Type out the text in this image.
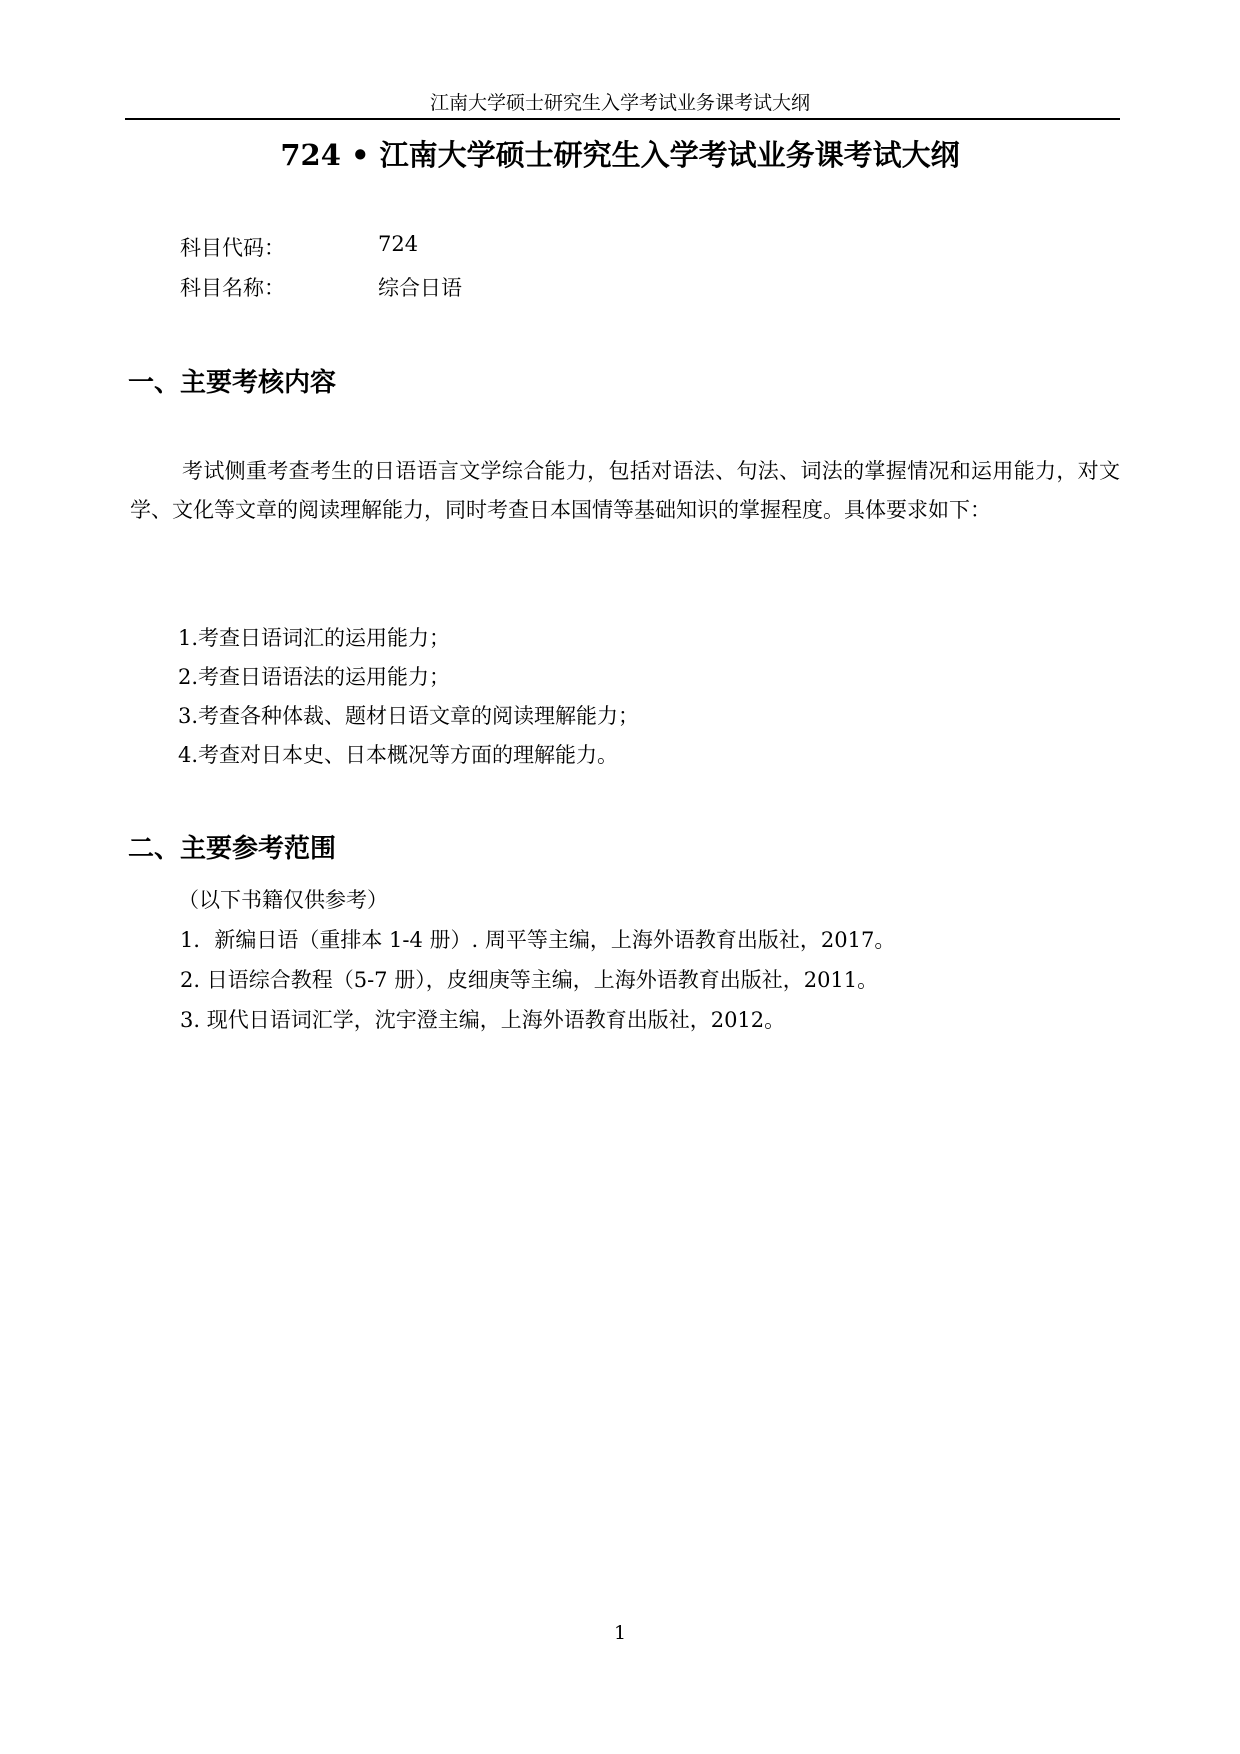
江南大学硕士研究生入学考试业务课考试大纲
724 • 江南大学硕士研究生入学考试业务课考试大纲
科目代码：	724
科目名称：	综合日语
一、主要考核内容
考试侧重考查考生的日语语言文学综合能力，包括对语法、句法、词法的掌握情况和运用能力，对文学、文化等文章的阅读理解能力，同时考查日本国情等基础知识的掌握程度。具体要求如下：
1.考查日语词汇的运用能力；
2.考查日语语法的运用能力；
3.考查各种体裁、题材日语文章的阅读理解能力；
4.考查对日本史、日本概况等方面的理解能力。
二、主要参考范围
（以下书籍仅供参考）
1．新编日语（重排本 1-4 册）. 周平等主编，上海外语教育出版社，2017。
2. 日语综合教程（5-7 册），皮细庚等主编，上海外语教育出版社，2011。
3. 现代日语词汇学，沈宇澄主编，上海外语教育出版社，2012。
1
